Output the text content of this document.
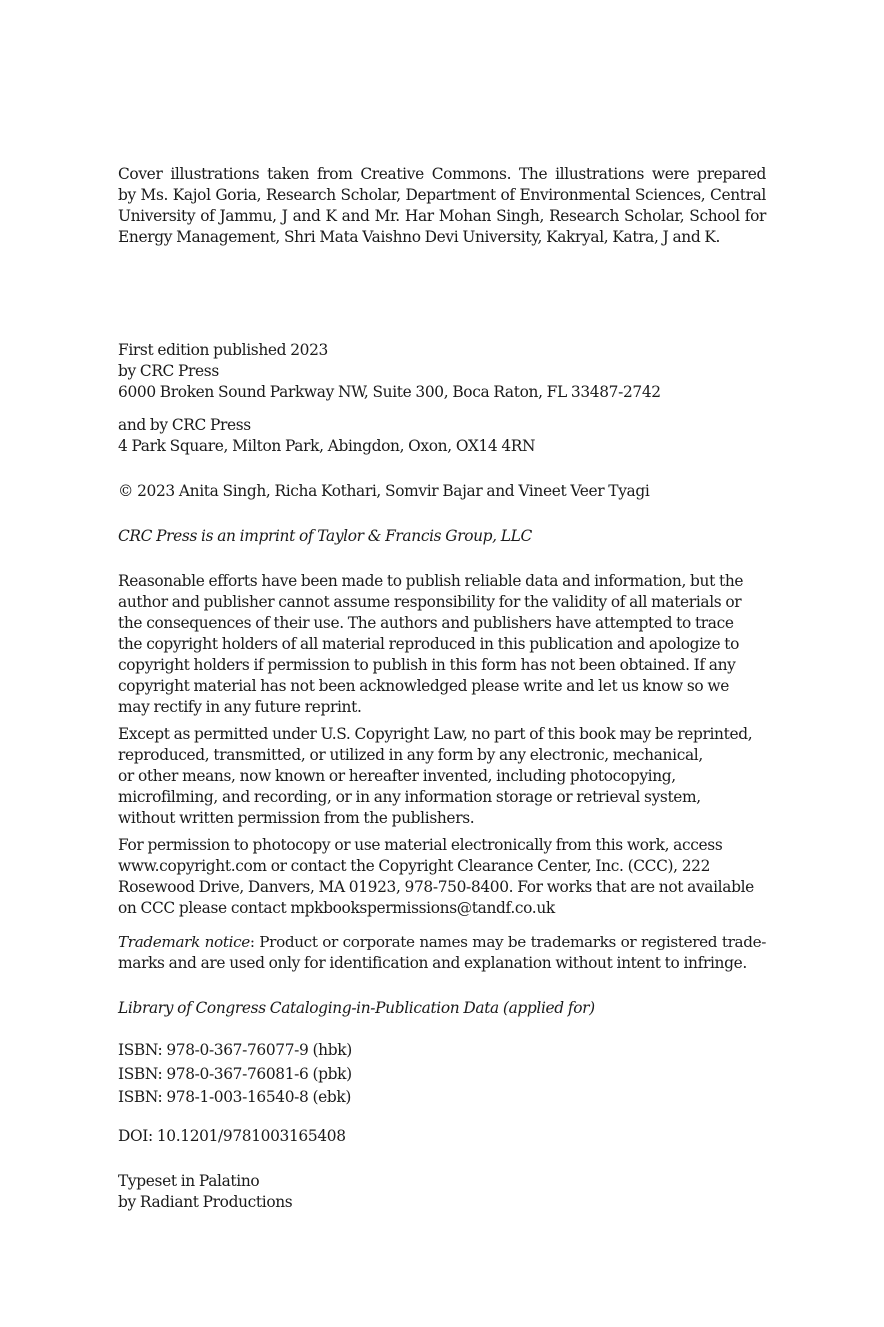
Cover illustrations taken from Creative Commons. The illustrations were prepared
by Ms. Kajol Goria, Research Scholar, Department of Environmental Sciences, Central
University of Jammu, J and K and Mr. Har Mohan Singh, Research Scholar, School for
Energy Management, Shri Mata Vaishno Devi University, Kakryal, Katra, J and K.

First edition published 2023
by CRC Press
6000 Broken Sound Parkway NW, Suite 300, Boca Raton, FL 33487-2742

and by CRC Press
4 Park Square, Milton Park, Abingdon, Oxon, OX14 4RN

© 2023 Anita Singh, Richa Kothari, Somvir Bajar and Vineet Veer Tyagi

CRC Press is an imprint of Taylor & Francis Group, LLC

Reasonable efforts have been made to publish reliable data and information, but the
author and publisher cannot assume responsibility for the validity of all materials or
the consequences of their use. The authors and publishers have attempted to trace
the copyright holders of all material reproduced in this publication and apologize to
copyright holders if permission to publish in this form has not been obtained. If any
copyright material has not been acknowledged please write and let us know so we
may rectify in any future reprint.

Except as permitted under U.S. Copyright Law, no part of this book may be reprinted,
reproduced, transmitted, or utilized in any form by any electronic, mechanical,
or other means, now known or hereafter invented, including photocopying,
microfilming, and recording, or in any information storage or retrieval system,
without written permission from the publishers.

For permission to photocopy or use material electronically from this work, access
www.copyright.com or contact the Copyright Clearance Center, Inc. (CCC), 222
Rosewood Drive, Danvers, MA 01923, 978-750-8400. For works that are not available
on CCC please contact mpkbookspermissions@tandf.co.uk

Trademark notice: Product or corporate names may be trademarks or registered trade-
marks and are used only for identification and explanation without intent to infringe.

Library of Congress Cataloging-in-Publication Data (applied for)

ISBN: 978-0-367-76077-9 (hbk)
ISBN: 978-0-367-76081-6 (pbk)
ISBN: 978-1-003-16540-8 (ebk)

DOI: 10.1201/9781003165408

Typeset in Palatino
by Radiant Productions
